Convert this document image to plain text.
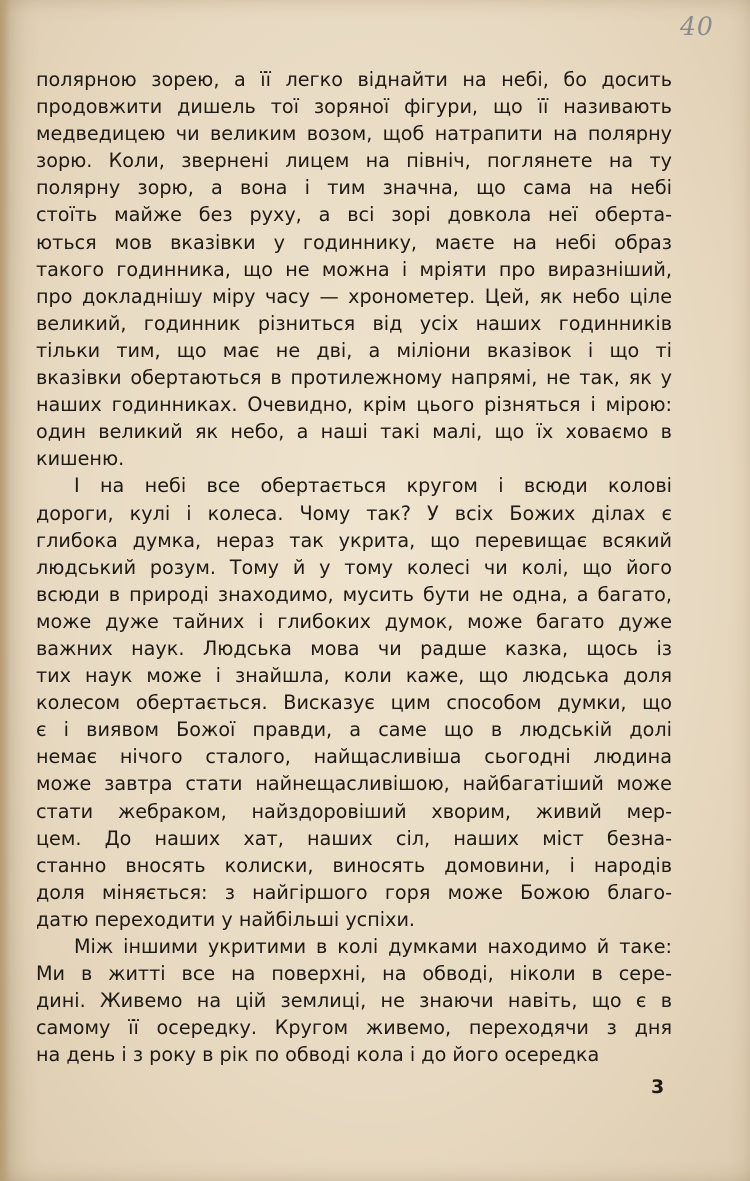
40
полярною зорею, а її легко віднайти на небі, бо досить
продовжити дишель тої зоряної фігури, що її називають
медведицею чи великим возом, щоб натрапити на полярну
зорю. Коли, звернені лицем на північ, поглянете на ту
полярну зорю, а вона і тим значна, що сама на небі
стоїть майже без руху, а всі зорі довкола неї оберта-
ються мов вказівки у годиннику, маєте на небі образ
такого годинника, що не можна і мріяти про виразніший,
про докладнішу міру часу — хронометер. Цей, як небо ціле
великий, годинник різниться від усіх наших годинників
тільки тим, що має не дві, а міліони вказівок і що ті
вказівки обертаються в протилежному напрямі, не так, як у
наших годинниках. Очевидно, крім цього різняться і мірою:
один великий як небо, а наші такі малі, що їх ховаємо в
кишеню.
І на небі все обертається кругом і всюди колові
дороги, кулі і колеса. Чому так? У всіх Божих ділах є
глибока думка, нераз так укрита, що перевищає всякий
людський розум. Тому й у тому колесі чи колі, що його
всюди в природі знаходимо, мусить бути не одна, а багато,
може дуже тайних і глибоких думок, може багато дуже
важних наук. Людська мова чи радше казка, щось із
тих наук може і знайшла, коли каже, що людська доля
колесом обертається. Висказує цим способом думки, що
є і виявом Божої правди, а саме що в людській долі
немає нічого сталого, найщасливіша сьогодні людина
може завтра стати найнещасливішою, найбагатіший може
стати жебраком, найздоровіший хворим, живий мер-
цем. До наших хат, наших сіл, наших міст безна-
станно вносять колиски, виносять домовини, і народів
доля міняється: з найгіршого горя може Божою благо-
датю переходити у найбільші успіхи.
Між іншими укритими в колі думками находимо й таке:
Ми в житті все на поверхні, на обводі, ніколи в сере-
дині. Живемо на цій землиці, не знаючи навіть, що є в
самому її осередку. Кругом живемо, переходячи з дня
на день і з року в рік по обводі кола і до його осередка
3
